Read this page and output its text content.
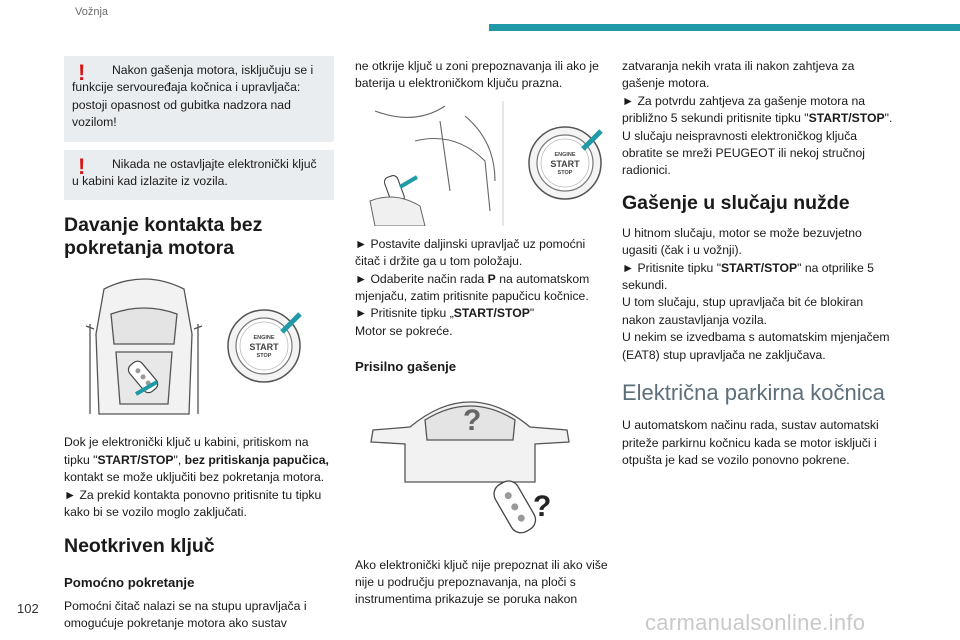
Vožnja
102
carmanualsonline.info
!	Nakon gašenja motora, isključuju se i funkcije servouređaja kočnica i upravljača: postoji opasnost od gubitka nadzora nad vozilom!
!	Nikada ne ostavljajte elektronički ključ u kabini kad izlazite iz vozila.
Davanje kontakta bez pokretanja motora
ENGINE
START
STOP

Dok je elektronički ključ u kabini, pritiskom na tipku "START/STOP", bez pritiskanja papučica, kontakt se može uključiti bez pokretanja motora.

► Za prekid kontakta ponovno pritisnite tu tipku kako bi se vozilo moglo zaključati.

Neotkriven ključ
Pomoćno pokretanje

Pomoćni čitač nalazi se na stupu upravljača i omogućuje pokretanje motora ako sustav

ne otkrije ključ u zoni prepoznavanja ili ako je baterija u elektroničkom ključu prazna.

ENGINE
START
STOP

► Postavite daljinski upravljač uz pomoćni čitač i držite ga u tom položaju.

► Odaberite način rada P na automatskom mjenjaču, zatim pritisnite papučicu kočnice.

► Pritisnite tipku „START/STOP"

Motor se pokreće.

Prisilno gašenje
?
?

Ako elektronički ključ nije prepoznat ili ako više nije u području prepoznavanja, na ploči s instrumentima prikazuje se poruka nakon

zatvaranja nekih vrata ili nakon zahtjeva za gašenje motora.

► Za potvrdu zahtjeva za gašenje motora na približno 5 sekundi pritisnite tipku "START/STOP".

U slučaju neispravnosti elektroničkog ključa obratite se mreži PEUGEOT ili nekoj stručnoj radionici.

Gašenje u slučaju nužde

U hitnom slučaju, motor se može bezuvjetno ugasiti (čak i u vožnji).

► Pritisnite tipku "START/STOP" na otprilike 5 sekundi.

U tom slučaju, stup upravljača bit će blokiran nakon zaustavljanja vozila.

U nekim se izvedbama s automatskim mjenjačem (EAT8) stup upravljača ne zaključava.

Električna parkirna kočnica

U automatskom načinu rada, sustav automatski priteže parkirnu kočnicu kada se motor isključi i otpušta je kad se vozilo ponovno pokrene.
